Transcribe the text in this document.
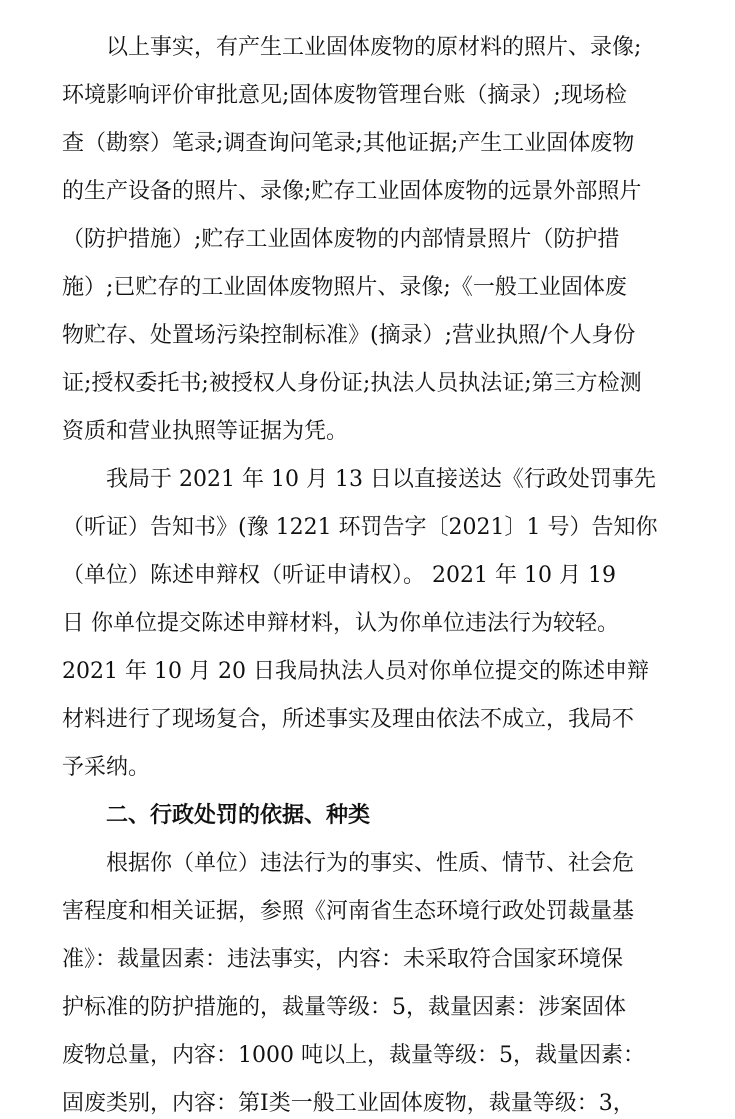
以上事实，有产生工业固体废物的原材料的照片、录像;
环境影响评价审批意见;固体废物管理台账（摘录）;现场检
查（勘察）笔录;调查询问笔录;其他证据;产生工业固体废物
的生产设备的照片、录像;贮存工业固体废物的远景外部照片
（防护措施）;贮存工业固体废物的内部情景照片（防护措
施）;已贮存的工业固体废物照片、录像;《一般工业固体废
物贮存、处置场污染控制标准》(摘录）;营业执照/个人身份
证;授权委托书;被授权人身份证;执法人员执法证;第三方检测
资质和营业执照等证据为凭。
我局于 2021 年 10 月 13 日以直接送达《行政处罚事先
（听证）告知书》(豫 1221 环罚告字〔2021〕1 号）告知你
（单位）陈述申辩权（听证申请权）。 2021 年 10 月 19
日 你单位提交陈述申辩材料，认为你单位违法行为较轻。
2021 年 10 月 20 日我局执法人员对你单位提交的陈述申辩
材料进行了现场复合，所述事实及理由依法不成立，我局不
予采纳。
二、行政处罚的依据、种类
根据你（单位）违法行为的事实、性质、情节、社会危
害程度和相关证据，参照《河南省生态环境行政处罚裁量基
准》：裁量因素：违法事实，内容：未采取符合国家环境保
护标准的防护措施的，裁量等级：5，裁量因素：涉案固体
废物总量，内容：1000 吨以上，裁量等级：5，裁量因素：
固废类别，内容：第I类一般工业固体废物，裁量等级：3，
